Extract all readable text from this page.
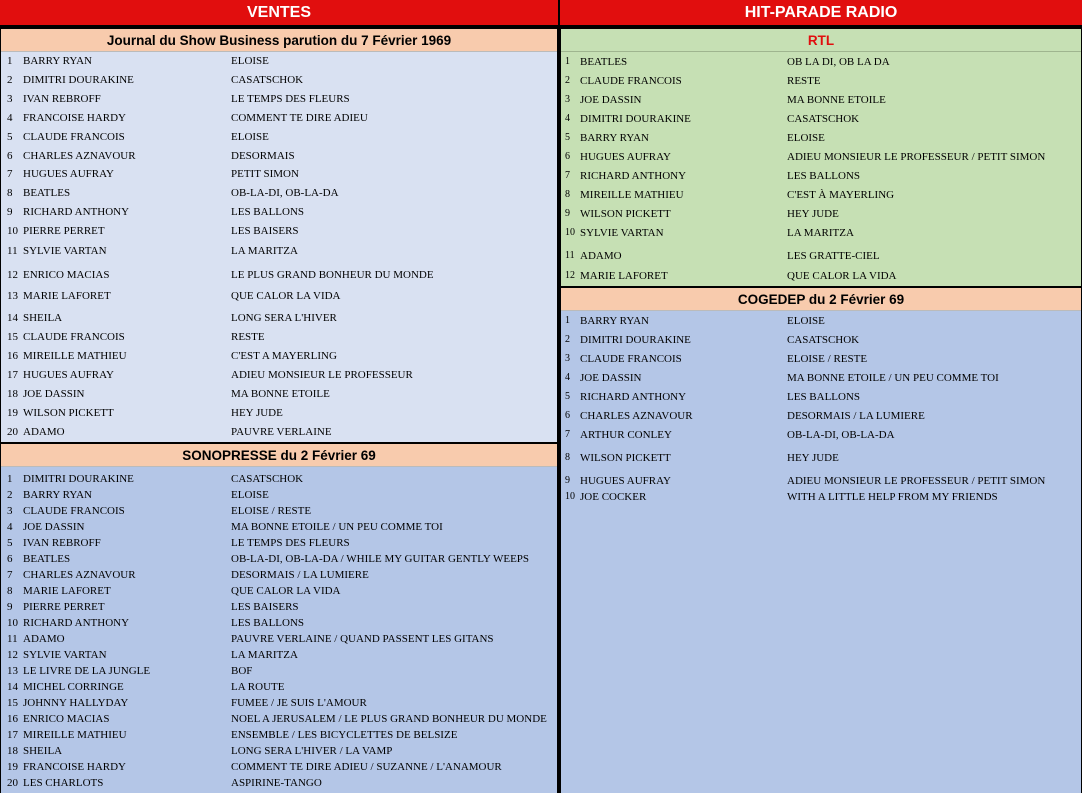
VENTES
Journal du Show Business parution du 7 Février 1969
1 BARRY RYAN	ELOISE
2 DIMITRI DOURAKINE	CASATSCHOK
3 IVAN REBROFF	LE TEMPS DES FLEURS
4 FRANCOISE HARDY	COMMENT TE DIRE ADIEU
5 CLAUDE FRANCOIS	ELOISE
6 CHARLES AZNAVOUR	DESORMAIS
7 HUGUES AUFRAY	PETIT SIMON
8 BEATLES	OB-LA-DI, OB-LA-DA
9 RICHARD ANTHONY	LES BALLONS
10 PIERRE PERRET	LES BAISERS
11 SYLVIE VARTAN	LA MARITZA
12 ENRICO MACIAS	LE PLUS GRAND BONHEUR DU MONDE
13 MARIE LAFORET	QUE CALOR LA VIDA
14 SHEILA	LONG SERA L'HIVER
15 CLAUDE FRANCOIS	RESTE
16 MIREILLE MATHIEU	C'EST A MAYERLING
17 HUGUES AUFRAY	ADIEU MONSIEUR LE PROFESSEUR
18 JOE DASSIN	MA BONNE ETOILE
19 WILSON PICKETT	HEY JUDE
20 ADAMO	PAUVRE VERLAINE
SONOPRESSE du 2 Février 69
1 DIMITRI DOURAKINE	CASATSCHOK
2 BARRY RYAN	ELOISE
3 CLAUDE FRANCOIS	ELOISE / RESTE
4 JOE DASSIN	MA BONNE ETOILE / UN PEU COMME TOI
5 IVAN REBROFF	LE TEMPS DES FLEURS
6 BEATLES	OB-LA-DI, OB-LA-DA / WHILE MY GUITAR GENTLY WEEPS
7 CHARLES AZNAVOUR	DESORMAIS / LA LUMIERE
8 MARIE LAFORET	QUE CALOR LA VIDA
9 PIERRE PERRET	LES BAISERS
10 RICHARD ANTHONY	LES BALLONS
11 ADAMO	PAUVRE VERLAINE / QUAND PASSENT LES GITANS
12 SYLVIE VARTAN	LA MARITZA
13 LE LIVRE DE LA JUNGLE	BOF
14 MICHEL CORRINGE	LA ROUTE
15 JOHNNY HALLYDAY	FUMEE / JE SUIS L'AMOUR
16 ENRICO MACIAS	NOEL A JERUSALEM / LE PLUS GRAND BONHEUR DU MONDE
17 MIREILLE MATHIEU	ENSEMBLE / LES BICYCLETTES DE BELSIZE
18 SHEILA	LONG SERA L'HIVER / LA VAMP
19 FRANCOISE HARDY	COMMENT TE DIRE ADIEU / SUZANNE / L'ANAMOUR
20 LES CHARLOTS	ASPIRINE-TANGO
HIT-PARADE RADIO
RTL
1 BEATLES	OB LA DI, OB LA DA
2 CLAUDE FRANCOIS	RESTE
3 JOE DASSIN	MA BONNE ETOILE
4 DIMITRI DOURAKINE	CASATSCHOK
5 BARRY RYAN	ELOISE
6 HUGUES AUFRAY	ADIEU MONSIEUR LE PROFESSEUR / PETIT SIMON
7 RICHARD ANTHONY	LES BALLONS
8 MIREILLE MATHIEU	C'EST À MAYERLING
9 WILSON PICKETT	HEY JUDE
10 SYLVIE VARTAN	LA MARITZA
11 ADAMO	LES GRATTE-CIEL
12 MARIE LAFORET	QUE CALOR LA VIDA
COGEDEP du 2 Février 69
1 BARRY RYAN	ELOISE
2 DIMITRI DOURAKINE	CASATSCHOK
3 CLAUDE FRANCOIS	ELOISE / RESTE
4 JOE DASSIN	MA BONNE ETOILE / UN PEU COMME TOI
5 RICHARD ANTHONY	LES BALLONS
6 CHARLES AZNAVOUR	DESORMAIS / LA LUMIERE
7 ARTHUR CONLEY	OB-LA-DI, OB-LA-DA
8 WILSON PICKETT	HEY JUDE
9 HUGUES AUFRAY	ADIEU MONSIEUR LE PROFESSEUR / PETIT SIMON
10 JOE COCKER	WITH A LITTLE HELP FROM MY FRIENDS
